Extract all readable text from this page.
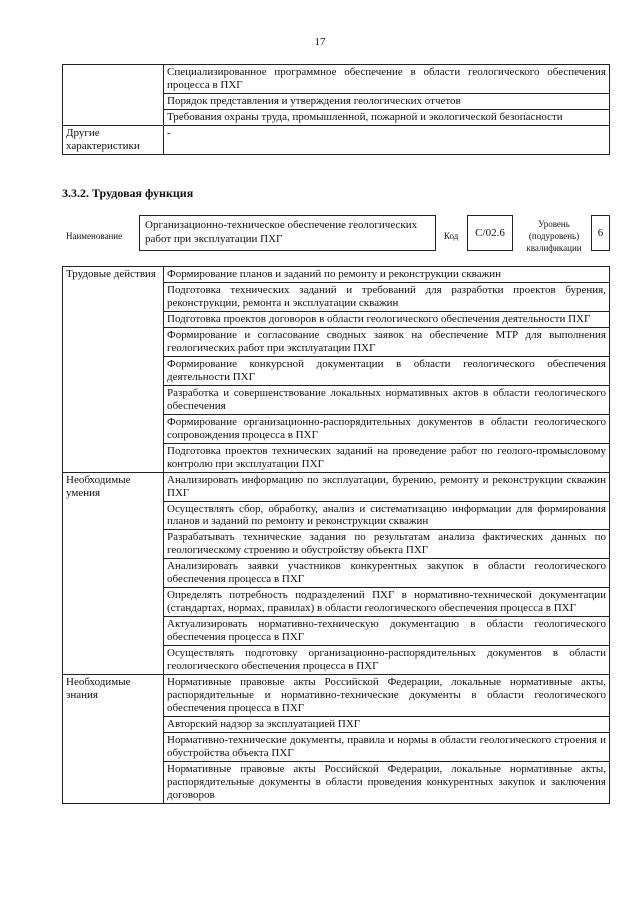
17
	Специализированное программное обеспечение в области геологического обеспечения процесса в ПХГ
	Порядок представления и утверждения геологических отчетов
	Требования охраны труда, промышленной, пожарной и экологической безопасности
Другие характеристики	-
3.3.2. Трудовая функция
Наименование
Организационно-техническое обеспечение геологических работ при эксплуатации ПХГ	Код	С/02.6
Уровень (подуровень) квалификации
6
Трудовые действия	Формирование планов и заданий по ремонту и реконструкции скважин
	Подготовка технических заданий и требований для разработки проектов бурения, реконструкции, ремонта и эксплуатации скважин
	Подготовка проектов договоров в области геологического обеспечения деятельности ПХГ
	Формирование и согласование сводных заявок на обеспечение МТР для выполнения геологических работ при эксплуатации ПХГ
	Формирование конкурсной документации в области геологического обеспечения деятельности ПХГ
	Разработка и совершенствование локальных нормативных актов в области геологического обеспечения
	Формирование организационно-распорядительных документов в области геологического сопровождения процесса в ПХГ
	Подготовка проектов технических заданий на проведение работ по геолого-промысловому контролю при эксплуатации ПХГ
Необходимые умения	Анализировать информацию по эксплуатации, бурению, ремонту и реконструкции скважин ПХГ
	Осуществлять сбор, обработку, анализ и систематизацию информации для формирования планов и заданий по ремонту и реконструкции скважин
	Разрабатывать технические задания по результатам анализа фактических данных по геологическому строению и обустройству объекта ПХГ
	Анализировать заявки участников конкурентных закупок в области геологического обеспечения процесса в ПХГ
	Определять потребность подразделений ПХГ в нормативно-технической документации (стандартах, нормах, правилах) в области геологического обеспечения процесса в ПХГ
	Актуализировать нормативно-техническую документацию в области геологического обеспечения процесса в ПХГ
	Осуществлять подготовку организационно-распорядительных документов в области геологического обеспечения процесса в ПХГ
Необходимые знания	Нормативные правовые акты Российской Федерации, локальные нормативные акты, распорядительные и нормативно-технические документы в области геологического обеспечения процесса в ПХГ
	Авторский надзор за эксплуатацией ПХГ
	Нормативно-технические документы, правила и нормы в области геологического строения и обустройства объекта ПХГ
	Нормативные правовые акты Российской Федерации, локальные нормативные акты, распорядительные документы в области проведения конкурентных закупок и заключения договоров
